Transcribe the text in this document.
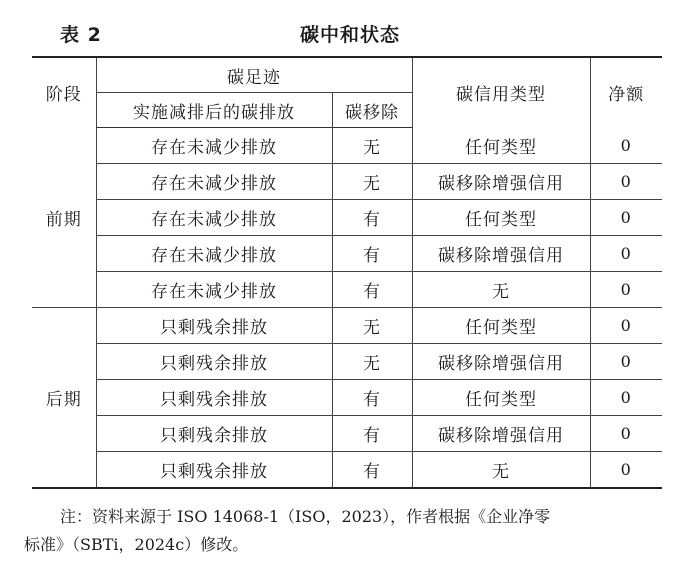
表 2	碳中和状态
阶段	碳足迹		碳信用类型	净额
	实施减排后的碳排放	碳移除		
前期	存在未减少排放	无	任何类型	0
	存在未减少排放	无	碳移除增强信用	0
	存在未减少排放	有	任何类型	0
	存在未减少排放	有	碳移除增强信用	0
	存在未减少排放	有	无	0
后期	只剩残余排放	无	任何类型	0
	只剩残余排放	无	碳移除增强信用	0
	只剩残余排放	有	任何类型	0
	只剩残余排放	有	碳移除增强信用	0
	只剩残余排放	有	无	0
注：资料来源于 ISO 14068-1（ISO，2023），作者根据《企业净零
标准》（SBTi，2024c）修改。
